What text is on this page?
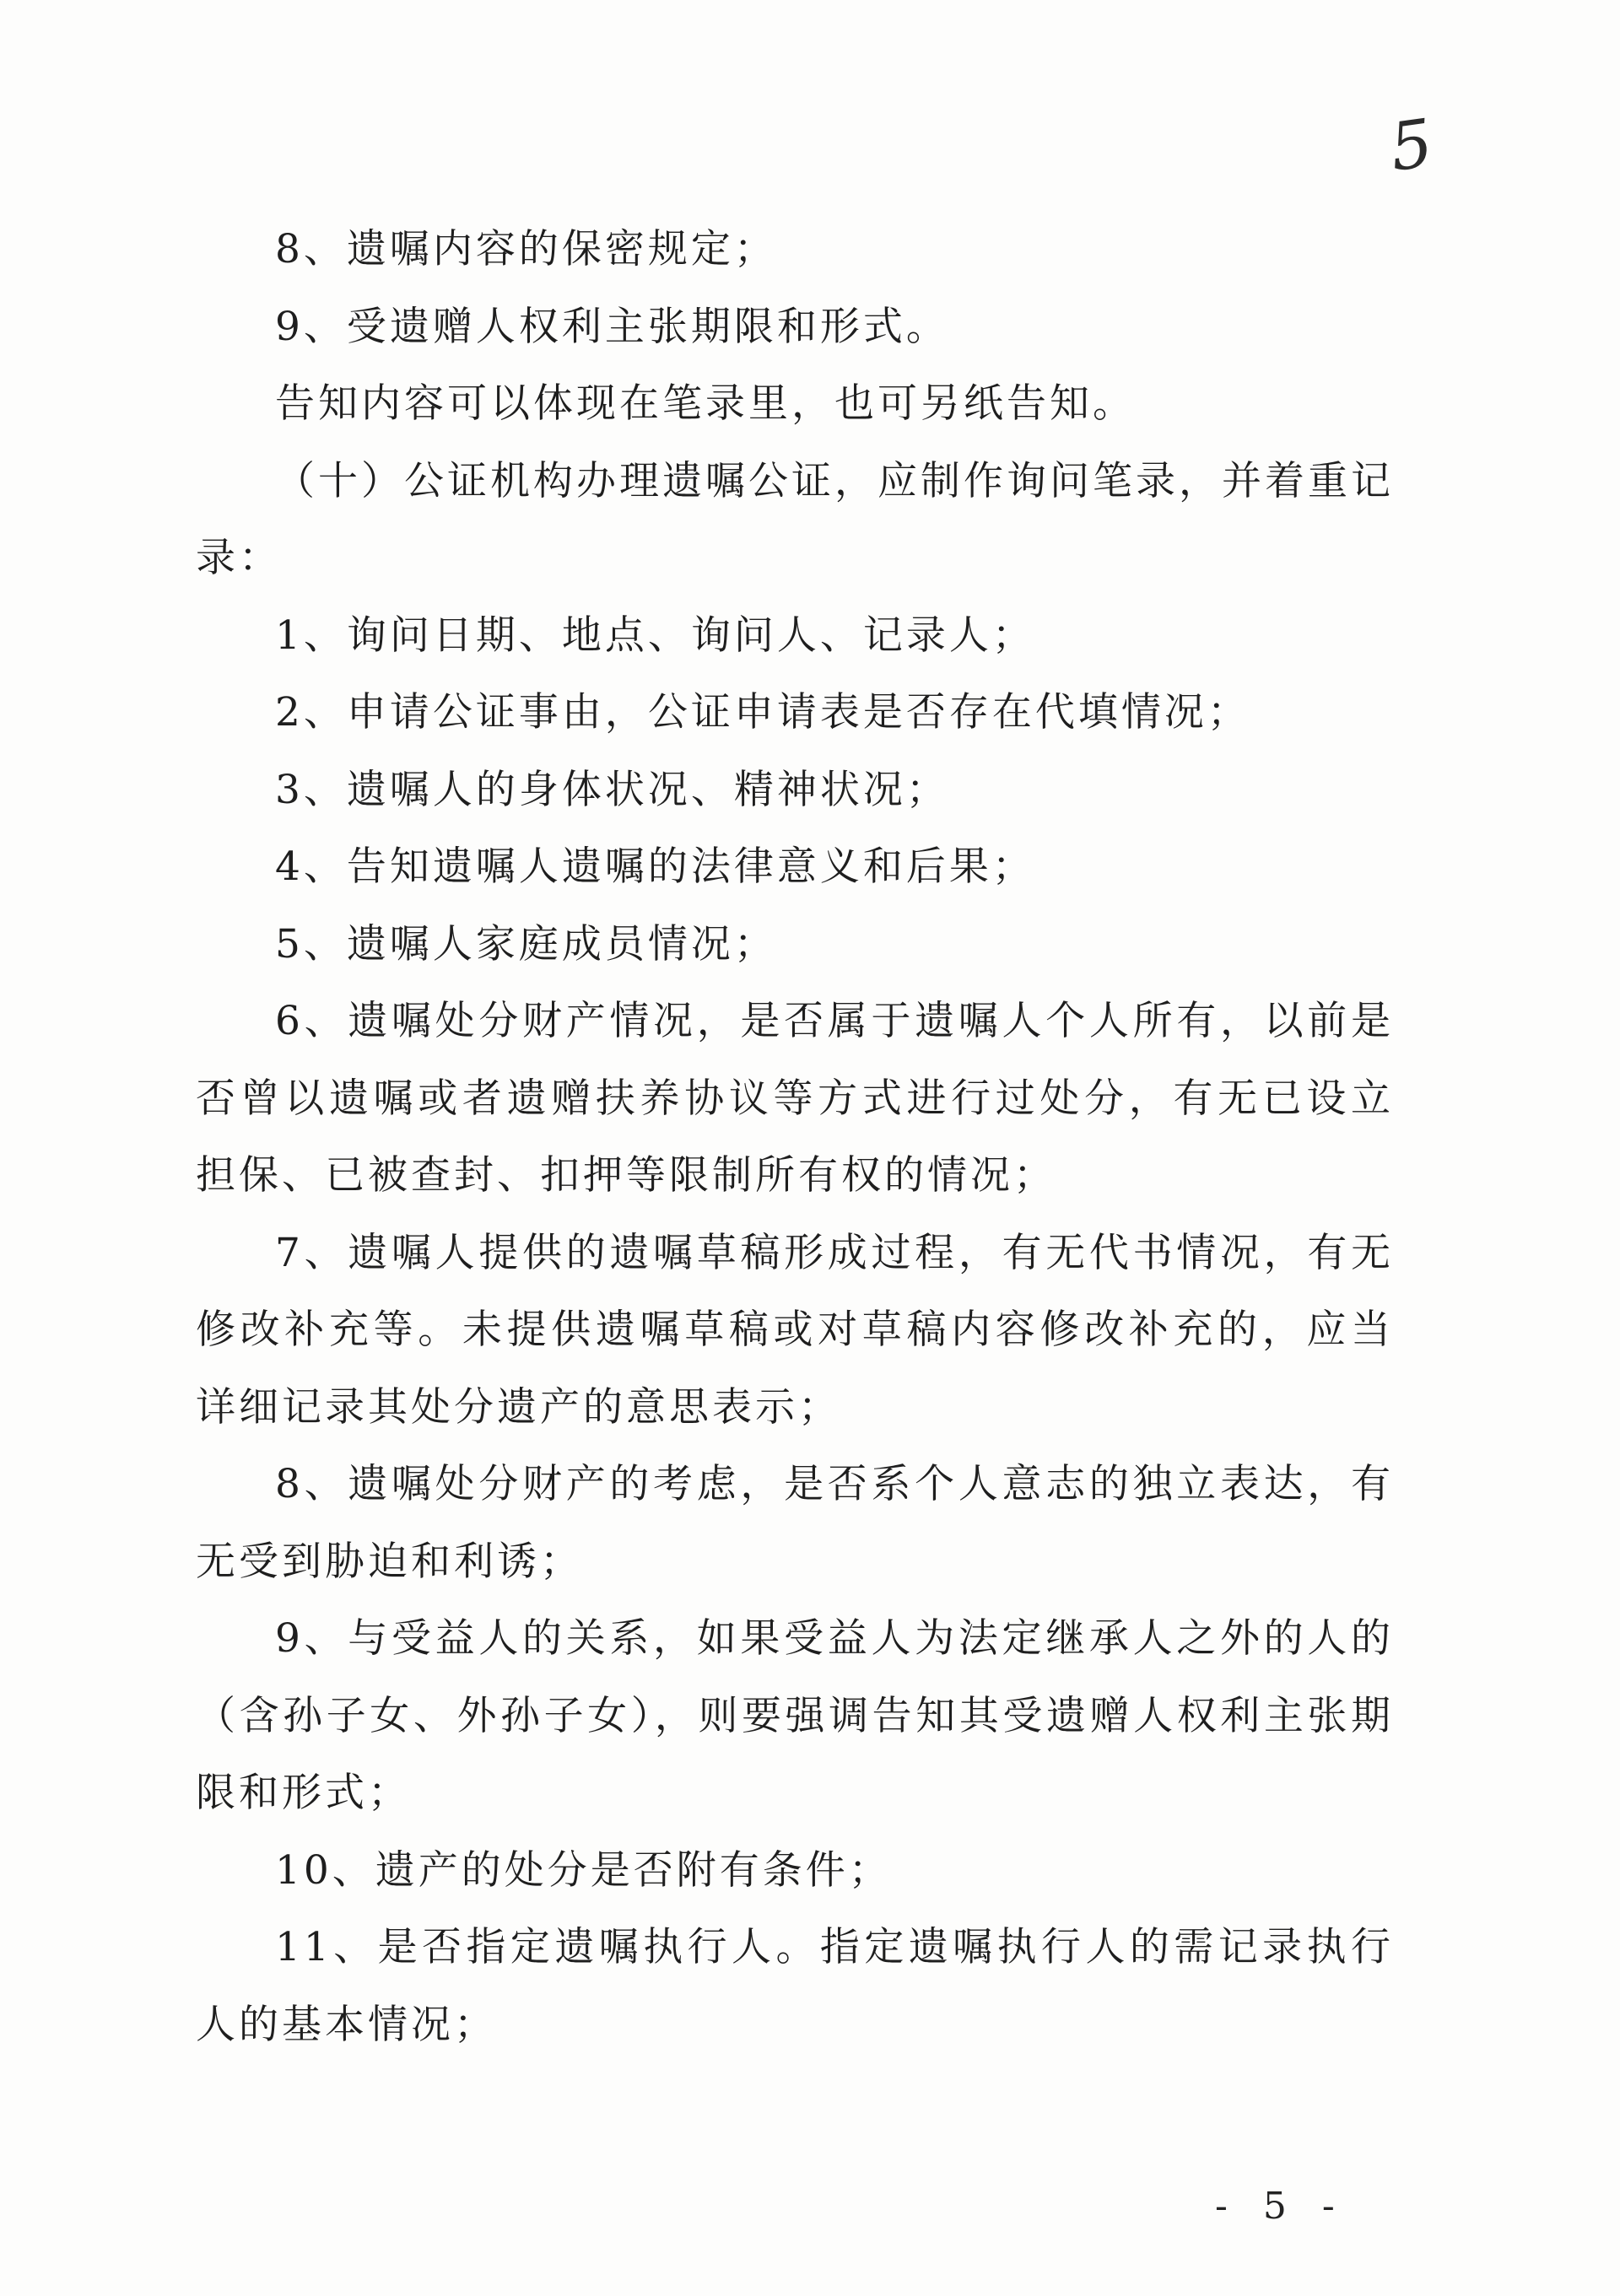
5

8、遗嘱内容的保密规定；

9、受遗赠人权利主张期限和形式。

告知内容可以体现在笔录里，也可另纸告知。

（十）公证机构办理遗嘱公证，应制作询问笔录，并着重记录：

1、询问日期、地点、询问人、记录人；

2、申请公证事由，公证申请表是否存在代填情况；

3、遗嘱人的身体状况、精神状况；

4、告知遗嘱人遗嘱的法律意义和后果；

5、遗嘱人家庭成员情况；

6、遗嘱处分财产情况，是否属于遗嘱人个人所有，以前是否曾以遗嘱或者遗赠扶养协议等方式进行过处分，有无已设立担保、已被查封、扣押等限制所有权的情况；

7、遗嘱人提供的遗嘱草稿形成过程，有无代书情况，有无修改补充等。未提供遗嘱草稿或对草稿内容修改补充的，应当详细记录其处分遗产的意思表示；

8、遗嘱处分财产的考虑，是否系个人意志的独立表达，有无受到胁迫和利诱；

9、与受益人的关系，如果受益人为法定继承人之外的人的（含孙子女、外孙子女），则要强调告知其受遗赠人权利主张期限和形式；

10、遗产的处分是否附有条件；

11、是否指定遗嘱执行人。指定遗嘱执行人的需记录执行人的基本情况；

- 5 -
